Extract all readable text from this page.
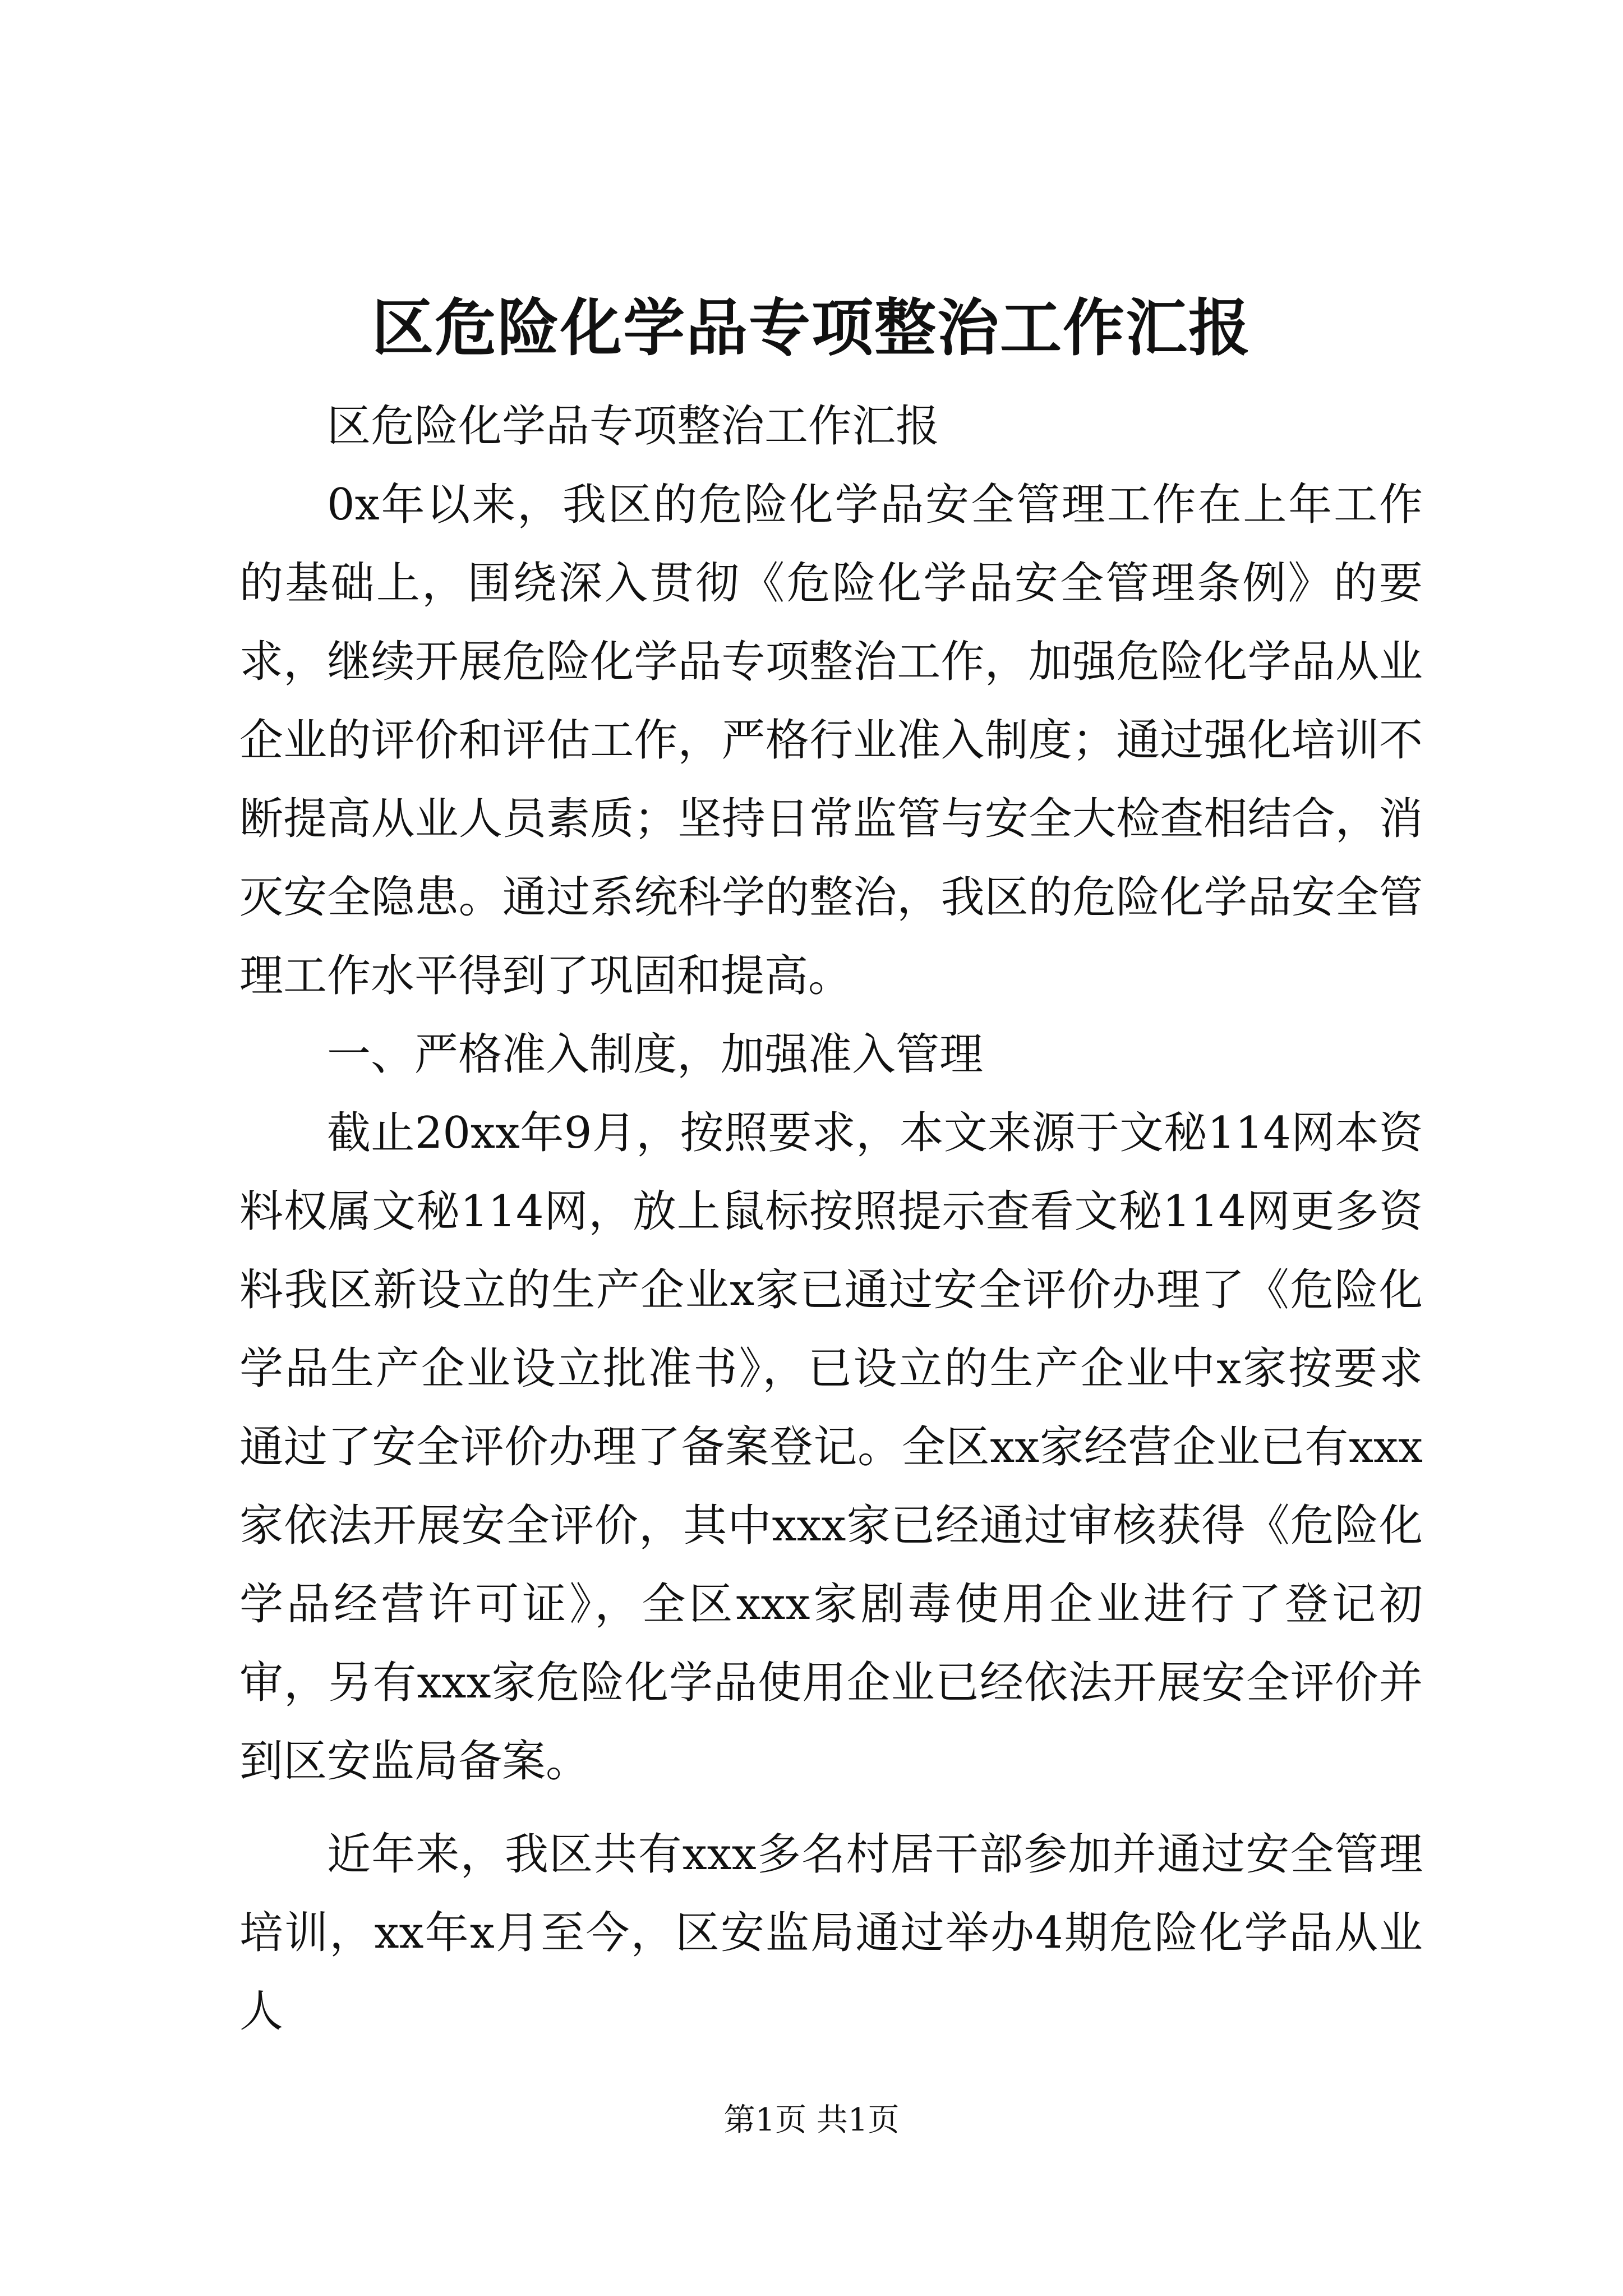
区危险化学品专项整治工作汇报

区危险化学品专项整治工作汇报

0x年以来，我区的危险化学品安全管理工作在上年工作的基础上，围绕深入贯彻《危险化学品安全管理条例》的要求，继续开展危险化学品专项整治工作，加强危险化学品从业企业的评价和评估工作，严格行业准入制度；通过强化培训不断提高从业人员素质；坚持日常监管与安全大检查相结合，消灭安全隐患。通过系统科学的整治，我区的危险化学品安全管理工作水平得到了巩固和提高。

一、严格准入制度，加强准入管理

截止20xx年9月，按照要求，本文来源于文秘114网本资料权属文秘114网，放上鼠标按照提示查看文秘114网更多资料我区新设立的生产企业x家已通过安全评价办理了《危险化学品生产企业设立批准书》，已设立的生产企业中x家按要求通过了安全评价办理了备案登记。全区xx家经营企业已有xxx家依法开展安全评价，其中xxx家已经通过审核获得《危险化学品经营许可证》，全区xxx家剧毒使用企业进行了登记初审，另有xxx家危险化学品使用企业已经依法开展安全评价并到区安监局备案。

近年来，我区共有xxx多名村居干部参加并通过安全管理培训，xx年x月至今，区安监局通过举办4期危险化学品从业人

第1页 共1页
